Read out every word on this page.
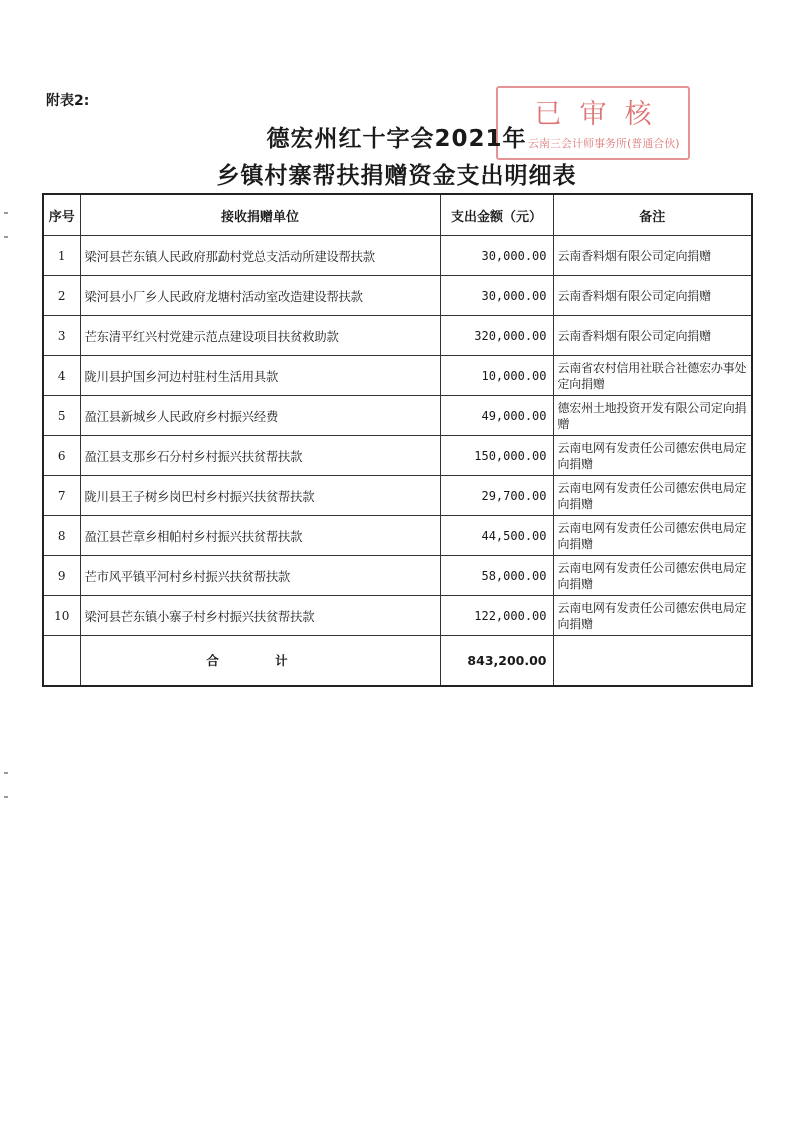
附表2:	已审核
云南三会计师事务所(普通合伙)
德宏州红十字会2021年
乡镇村寨帮扶捐赠资金支出明细表
序号	接收捐赠单位	支出金额（元）	备注
1	梁河县芒东镇人民政府那勐村党总支活动所建设帮扶款	30,000.00	云南香料烟有限公司定向捐赠
2	梁河县小厂乡人民政府龙塘村活动室改造建设帮扶款	30,000.00	云南香料烟有限公司定向捐赠
3	芒东清平红兴村党建示范点建设项目扶贫救助款	320,000.00	云南香料烟有限公司定向捐赠
4	陇川县护国乡河边村驻村生活用具款	10,000.00	云南省农村信用社联合社德宏办事处定向捐赠
5	盈江县新城乡人民政府乡村振兴经费	49,000.00	德宏州土地投资开发有限公司定向捐赠
6	盈江县支那乡石分村乡村振兴扶贫帮扶款	150,000.00	云南电网有发责任公司德宏供电局定向捐赠
7	陇川县王子树乡岗巴村乡村振兴扶贫帮扶款	29,700.00	云南电网有发责任公司德宏供电局定向捐赠
8	盈江县芒章乡相帕村乡村振兴扶贫帮扶款	44,500.00	云南电网有发责任公司德宏供电局定向捐赠
9	芒市风平镇平河村乡村振兴扶贫帮扶款	58,000.00	云南电网有发责任公司德宏供电局定向捐赠
10	梁河县芒东镇小寨子村乡村振兴扶贫帮扶款	122,000.00	云南电网有发责任公司德宏供电局定向捐赠
	合 计	843,200.00	
